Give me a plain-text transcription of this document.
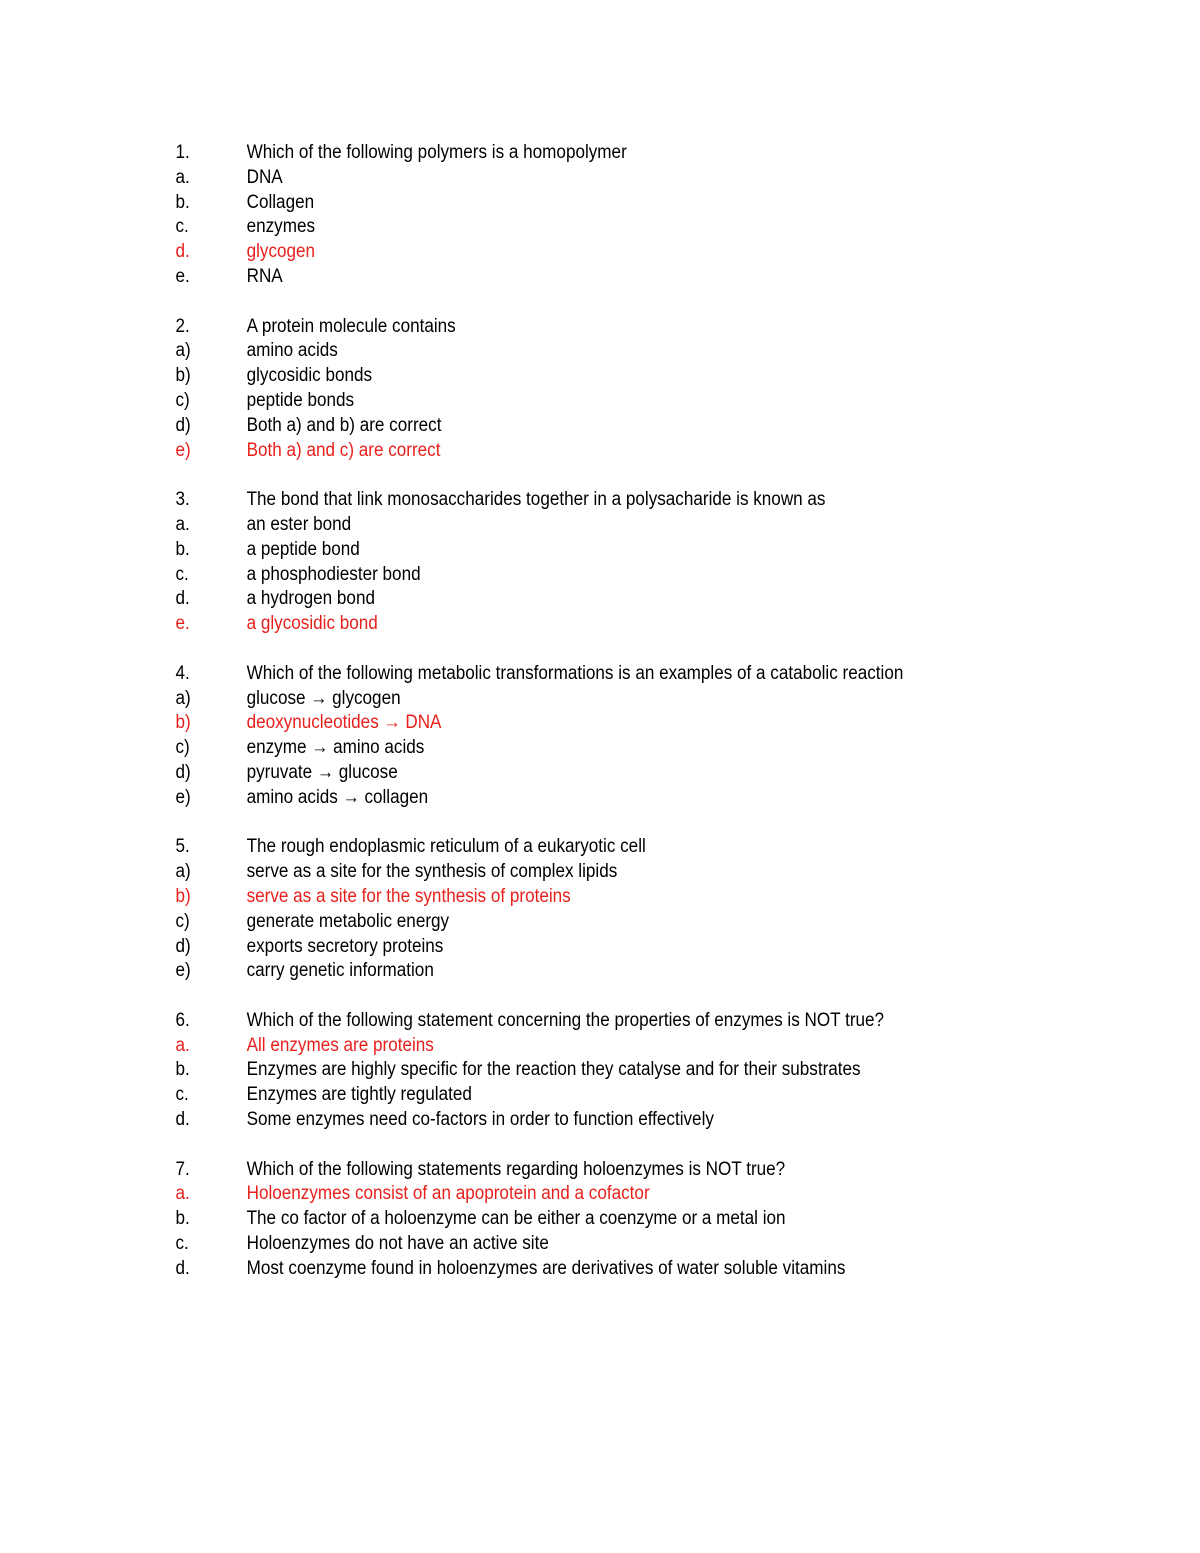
1.	Which of the following polymers is a homopolymer
a.	DNA
b.	Collagen
c.	enzymes
d.	glycogen
e.	RNA
2.	A protein molecule contains
a)	amino acids
b)	glycosidic bonds
c)	peptide bonds
d)	Both a) and b) are correct
e)	Both a) and c) are correct
3.	The bond that link monosaccharides together in a polysacharide is known as
a.	an ester bond
b.	a peptide bond
c.	a phosphodiester bond
d.	a hydrogen bond
e.	a glycosidic bond
4.	Which of the following metabolic transformations is an examples of a catabolic reaction
a)	glucose → glycogen
b)	deoxynucleotides → DNA
c)	enzyme → amino acids
d)	pyruvate → glucose
e)	amino acids → collagen
5.	The rough endoplasmic reticulum of a eukaryotic cell
a)	serve as a site for the synthesis of complex lipids
b)	serve as a site for the synthesis of proteins
c)	generate metabolic energy
d)	exports secretory proteins
e)	carry genetic information
6.	Which of the following statement concerning the properties of enzymes is NOT true?
a.	All enzymes are proteins
b.	Enzymes are highly specific for the reaction they catalyse and for their substrates
c.	Enzymes are tightly regulated
d.	Some enzymes need co-factors in order to function effectively
7.	Which of the following statements regarding holoenzymes is NOT true?
a.	Holoenzymes consist of an apoprotein and a cofactor
b.	The co factor of a holoenzyme can be either a coenzyme or a metal ion
c.	Holoenzymes do not have an active site
d.	Most coenzyme found in holoenzymes are derivatives of water soluble vitamins
